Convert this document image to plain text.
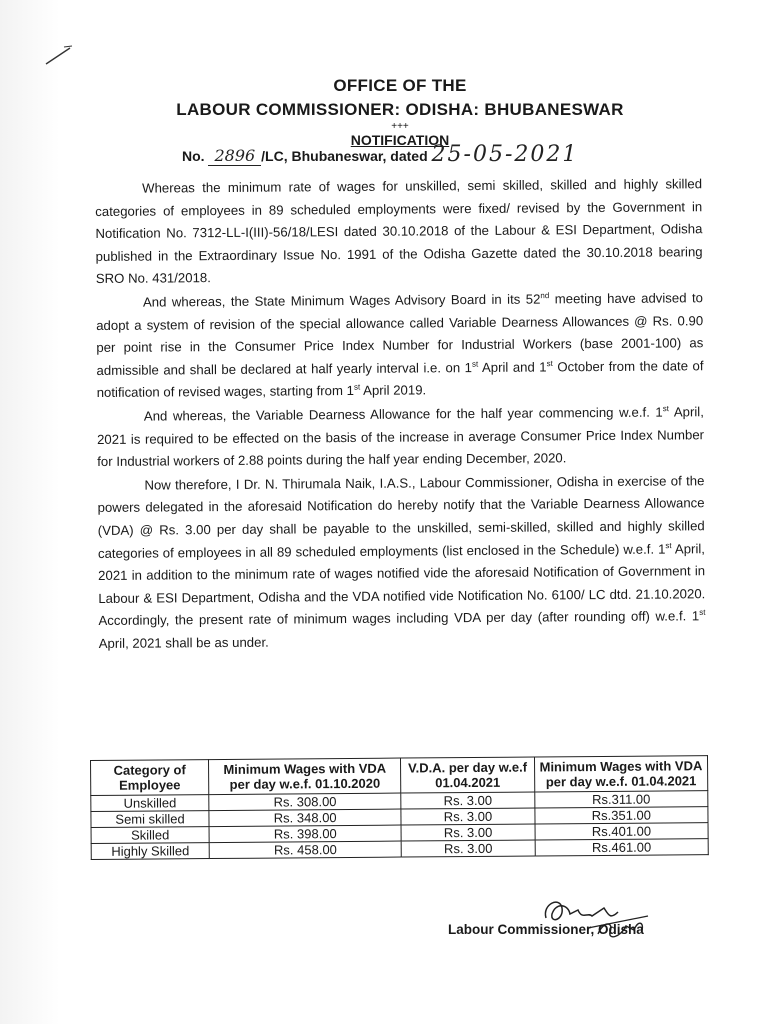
OFFICE OF THE
LABOUR COMMISSIONER: ODISHA: BHUBANESWAR
+++
NOTIFICATION
No. 2896 /LC, Bhubaneswar, dated 25-05-2021

Whereas the minimum rate of wages for unskilled, semi skilled, skilled and highly skilled categories of employees in 89 scheduled employments were fixed/ revised by the Government in Notification No. 7312-LL-I(III)-56/18/LESI dated 30.10.2018 of the Labour & ESI Department, Odisha published in the Extraordinary Issue No. 1991 of the Odisha Gazette dated the 30.10.2018 bearing SRO No. 431/2018.

And whereas, the State Minimum Wages Advisory Board in its 52nd meeting have advised to adopt a system of revision of the special allowance called Variable Dearness Allowances @ Rs. 0.90 per point rise in the Consumer Price Index Number for Industrial Workers (base 2001-100) as admissible and shall be declared at half yearly interval i.e. on 1st April and 1st October from the date of notification of revised wages, starting from 1st April 2019.

And whereas, the Variable Dearness Allowance for the half year commencing w.e.f. 1st April, 2021 is required to be effected on the basis of the increase in average Consumer Price Index Number for Industrial workers of 2.88 points during the half year ending December, 2020.

Now therefore, I Dr. N. Thirumala Naik, I.A.S., Labour Commissioner, Odisha in exercise of the powers delegated in the aforesaid Notification do hereby notify that the Variable Dearness Allowance (VDA) @ Rs. 3.00 per day shall be payable to the unskilled, semi-skilled, skilled and highly skilled categories of employees in all 89 scheduled employments (list enclosed in the Schedule) w.e.f. 1st April, 2021 in addition to the minimum rate of wages notified vide the aforesaid Notification of Government in Labour & ESI Department, Odisha and the VDA notified vide Notification No. 6100/ LC dtd. 21.10.2020. Accordingly, the present rate of minimum wages including VDA per day (after rounding off) w.e.f. 1st April, 2021 shall be as under.

Category of Employee	Minimum Wages with VDA per day w.e.f. 01.10.2020	V.D.A. per day w.e.f 01.04.2021	Minimum Wages with VDA per day w.e.f. 01.04.2021
Unskilled	Rs. 308.00	Rs. 3.00	Rs.311.00
Semi skilled	Rs. 348.00	Rs. 3.00	Rs.351.00
Skilled	Rs. 398.00	Rs. 3.00	Rs.401.00
Highly Skilled	Rs. 458.00	Rs. 3.00	Rs.461.00
Labour Commissioner, Odisha
